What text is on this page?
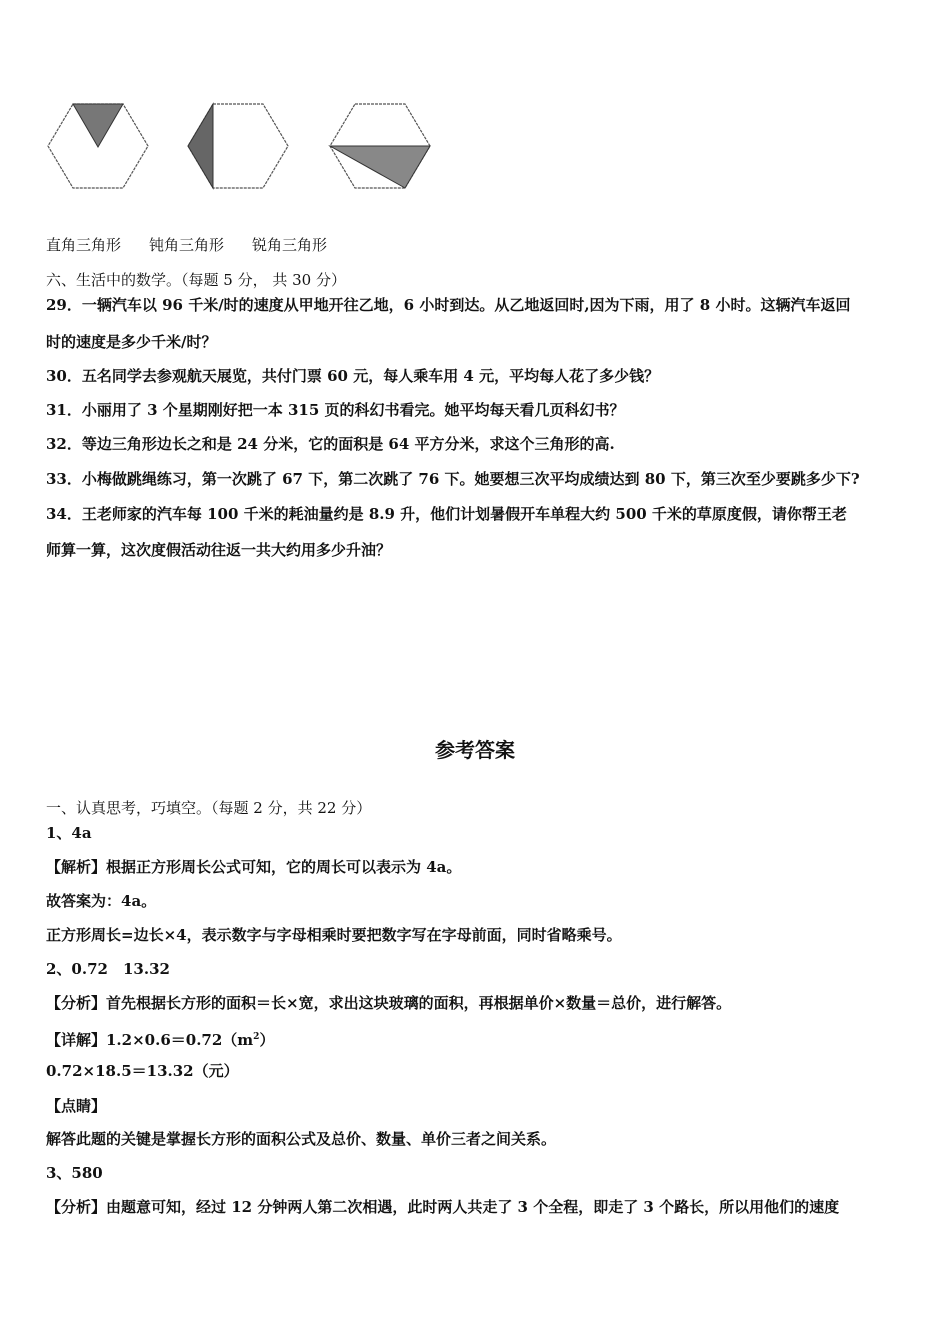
直角三角形 钝角三角形 锐角三角形
六、生活中的数学。（每题 5 分， 共 30 分）
29．一辆汽车以 96 千米/时的速度从甲地开往乙地，6 小时到达。从乙地返回时,因为下雨，用了 8 小时。这辆汽车返回
时的速度是多少千米/时？
30．五名同学去参观航天展览，共付门票 60 元，每人乘车用 4 元，平均每人花了多少钱？
31．小丽用了 3 个星期刚好把一本 315 页的科幻书看完。她平均每天看几页科幻书？
32．等边三角形边长之和是 24 分米，它的面积是 64 平方分米，求这个三角形的高.
33．小梅做跳绳练习，第一次跳了 67 下，第二次跳了 76 下。她要想三次平均成绩达到 80 下，第三次至少要跳多少下?
34．王老师家的汽车每 100 千米的耗油量约是 8.9 升，他们计划暑假开车单程大约 500 千米的草原度假，请你帮王老
师算一算，这次度假活动往返一共大约用多少升油？
参考答案
一、认真思考，巧填空。（每题 2 分，共 22 分）
1、4a
【解析】根据正方形周长公式可知，它的周长可以表示为 4a。
故答案为：4a。
正方形周长=边长×4，表示数字与字母相乘时要把数字写在字母前面，同时省略乘号。
2、0.72　13.32
【分析】首先根据长方形的面积＝长×宽，求出这块玻璃的面积，再根据单价×数量＝总价，进行解答。
【详解】$1.2\times 0.6=0.72(m^2)$
0.72×18.5＝13.32（元）
【点睛】
解答此题的关键是掌握长方形的面积公式及总价、数量、单价三者之间关系。
3、580
【分析】由题意可知，经过 12 分钟两人第二次相遇，此时两人共走了 3 个全程，即走了 3 个路长，所以用他们的速度
